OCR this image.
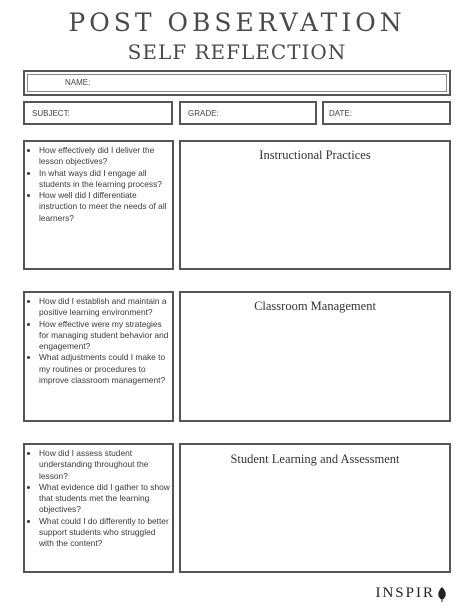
POST OBSERVATION
SELF REFLECTION
NAME:
SUBJECT:	GRADE:	DATE:
• How effectively did I deliver the lesson objectives?
• In what ways did I engage all students in the learning process?
• How well did I differentiate instruction to meet the needs of all learners?
Instructional Practices
• How did I establish and maintain a positive learning environment?
• How effective were my strategies for managing student behavior and engagement?
• What adjustments could I make to my routines or procedures to improve classroom management?
Classroom Management
• How did I assess student understanding throughout the lesson?
• What evidence did I gather to show that students met the learning objectives?
• What could I do differently to better support students who struggled with the content?
Student Learning and Assessment
INSPIR
